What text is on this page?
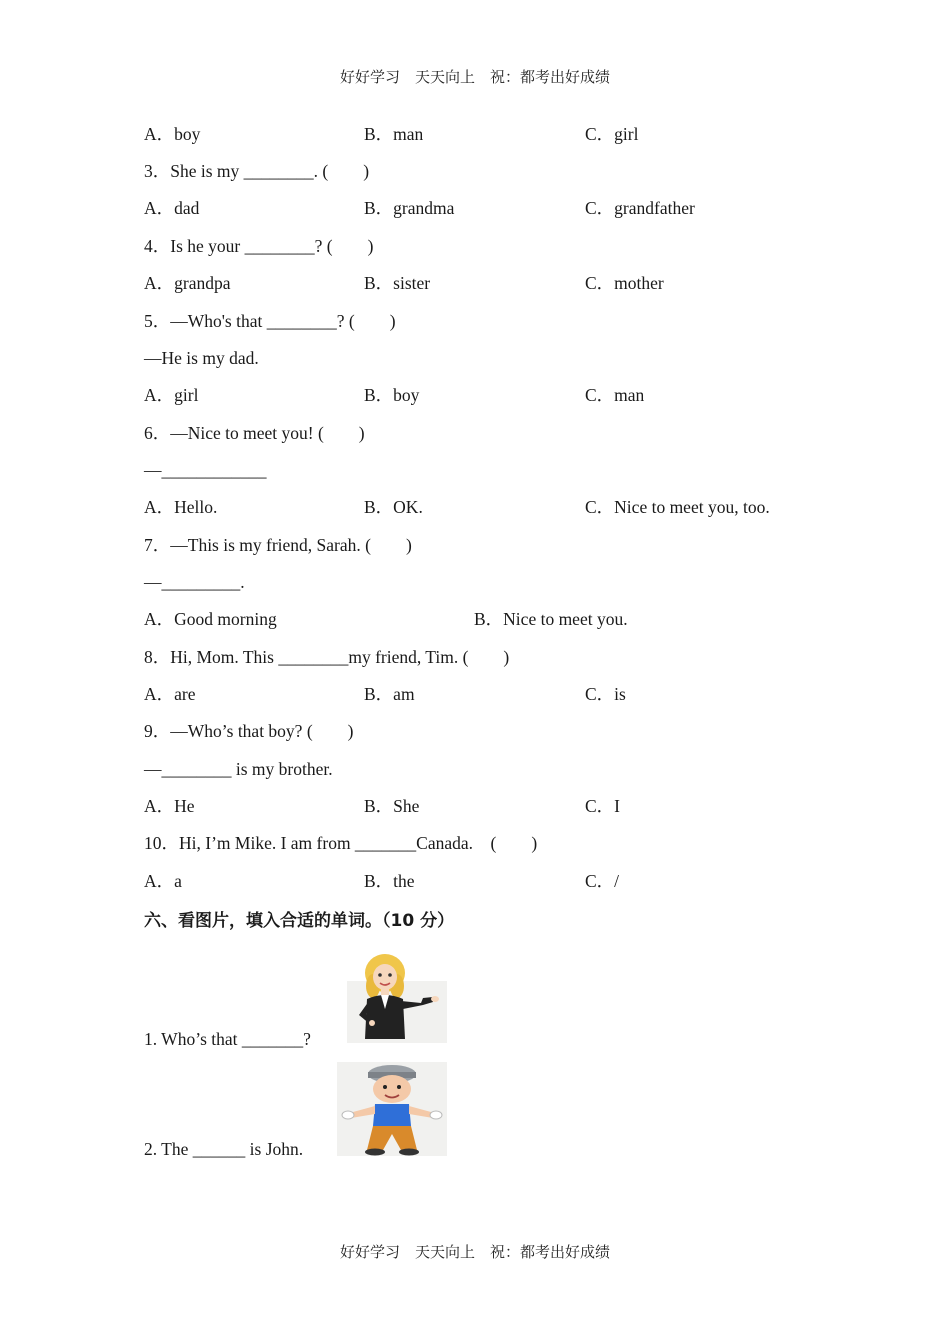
好好学习　天天向上　祝：都考出好成绩
A．boy	B．man	C．girl
3．She is my ________. (　　)
A．dad	B．grandma	C．grandfather
4．Is he your ________? (　　)
A．grandpa	B．sister	C．mother
5．—Who's that ________? (　　)
—He is my dad.
A．girl	B．boy	C．man
6．—Nice to meet you! (　　)
—____________
A．Hello.	B．OK.	C．Nice to meet you, too.
7．—This is my friend, Sarah. (　　)
—_________.
A．Good morning	B．Nice to meet you.
8．Hi, Mom. This ________my friend, Tim. (　　)
A．are	B．am	C．is
9．—Who’s that boy? (　　)
—________ is my brother.
A．He	B．She	C．I
10．Hi, I’m Mike. I am from _______Canada.　(　　)
A．a	B．the	C．/
六、看图片，填入合适的单词。（10 分）
1. Who’s that _______?
2. The ______ is John.
好好学习　天天向上　祝：都考出好成绩
